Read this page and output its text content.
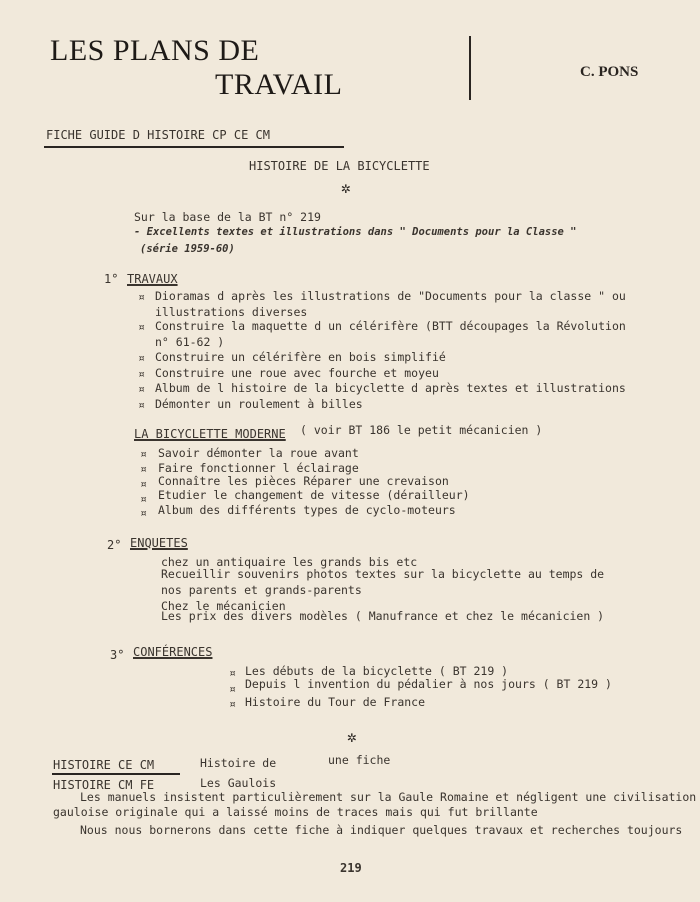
LES PLANS DE
TRAVAIL	C. PONS
FICHE GUIDE D HISTOIRE CP CE CM
HISTOIRE DE LA BICYCLETTE
✲
Sur la base de la BT n° 219
- Excellents textes et illustrations dans " Documents pour la Classe "
(série 1959-60)
1° TRAVAUX
¤ Dioramas d après les illustrations de "Documents pour la classe " ou
illustrations diverses
¤ Construire la maquette d un célérifère (BTT découpages la Révolution
n° 61-62 )
¤ Construire un célérifère en bois simplifié
¤ Construire une roue avec fourche et moyeu
¤ Album de l histoire de la bicyclette d après textes et illustrations
¤ Démonter un roulement à billes
LA BICYCLETTE MODERNE ( voir BT 186 le petit mécanicien )
¤ Savoir démonter la roue avant
¤ Faire fonctionner l éclairage
¤ Connaître les pièces Réparer une crevaison
¤ Etudier le changement de vitesse (dérailleur)
¤ Album des différents types de cyclo-moteurs
2° ENQUETES
chez un antiquaire les grands bis etc
Recueillir souvenirs photos textes sur la bicyclette au temps de
nos parents et grands-parents
Chez le mécanicien
Les prix des divers modèles ( Manufrance et chez le mécanicien )
3° CONFÉRENCES
¤ Les débuts de la bicyclette ( BT 219 )
¤ Depuis l invention du pédalier à nos jours ( BT 219 )
¤ Histoire du Tour de France
✲
HISTOIRE CE CM	Histoire de	une fiche
HISTOIRE CM FE	Les Gaulois
Les manuels insistent particulièrement sur la Gaule Romaine et négligent une civilisation
gauloise originale qui a laissé moins de traces mais qui fut brillante
Nous nous bornerons dans cette fiche à indiquer quelques travaux et recherches toujours
219
